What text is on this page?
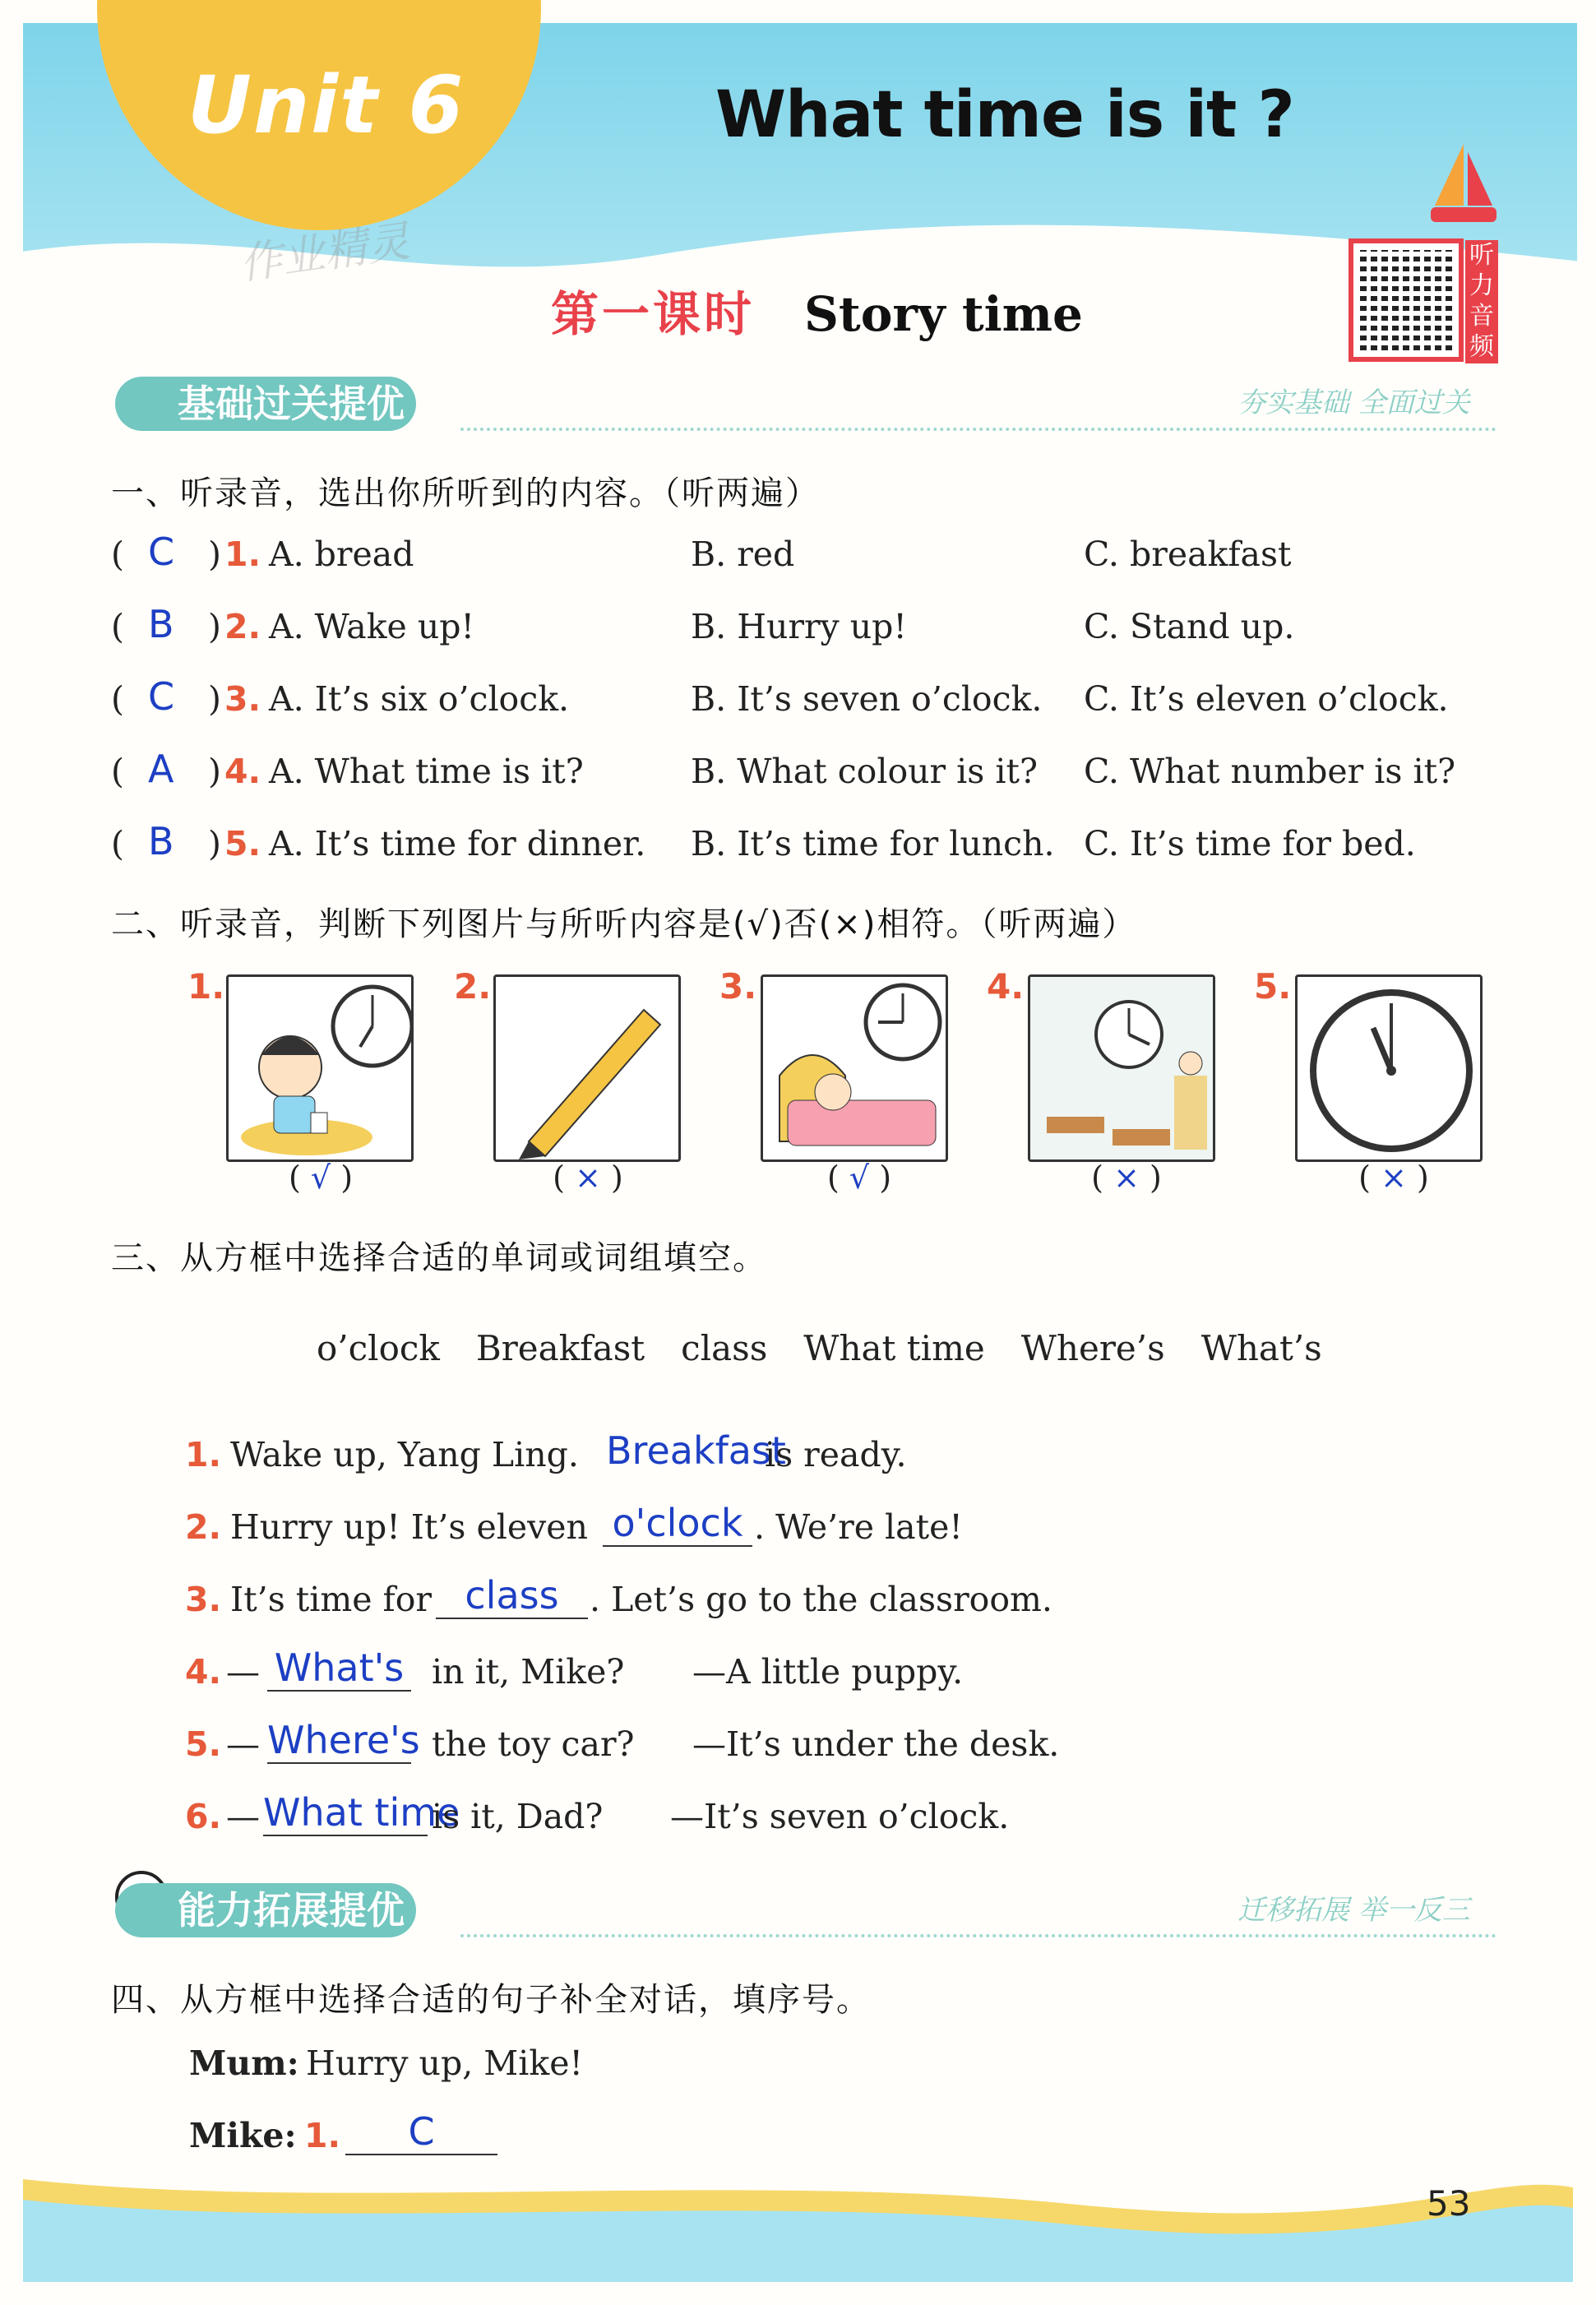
Unit 6	What time is it ?
作业精灵
第一课时 Story time
听力音频
基础过关提优	夯实基础 全面过关
一、听录音，选出你所听到的内容。（听两遍）
( C ) 1. A. bread	B. red	C. breakfast
( B ) 2. A. Wake up!	B. Hurry up!	C. Stand up.
( C ) 3. A. It’s six o’clock.	B. It’s seven o’clock. C. It’s eleven o’clock.
( A ) 4. A. What time is it?	B. What colour is it? C. What number is it?
( B ) 5. A. It’s time for dinner. B. It’s time for lunch. C. It’s time for bed.
二、听录音，判断下列图片与所听内容是(√)否(×)相符。（听两遍）
1.
( √ )
2.
( × )
3.
( √ )
4.
( × )
5.
( × )
三、从方框中选择合适的单词或词组填空。
o’clock Breakfast class What time Where’s What’s
1. Wake up, Yang Ling. Breakfast
is ready.
2. Hurry up! It’s eleven o'clock . We’re late!
3. It’s time for class . Let’s go to the classroom.
4. — What's in it, Mike? —A little puppy.
5. — Where's the toy car? —It’s under the desk.
6. — What time
is it, Dad? —It’s seven o’clock.
能力拓展提优	迁移拓展 举一反三
四、从方框中选择合适的句子补全对话，填序号。
Mum: Hurry up, Mike!
Mike: 1.	C
53
